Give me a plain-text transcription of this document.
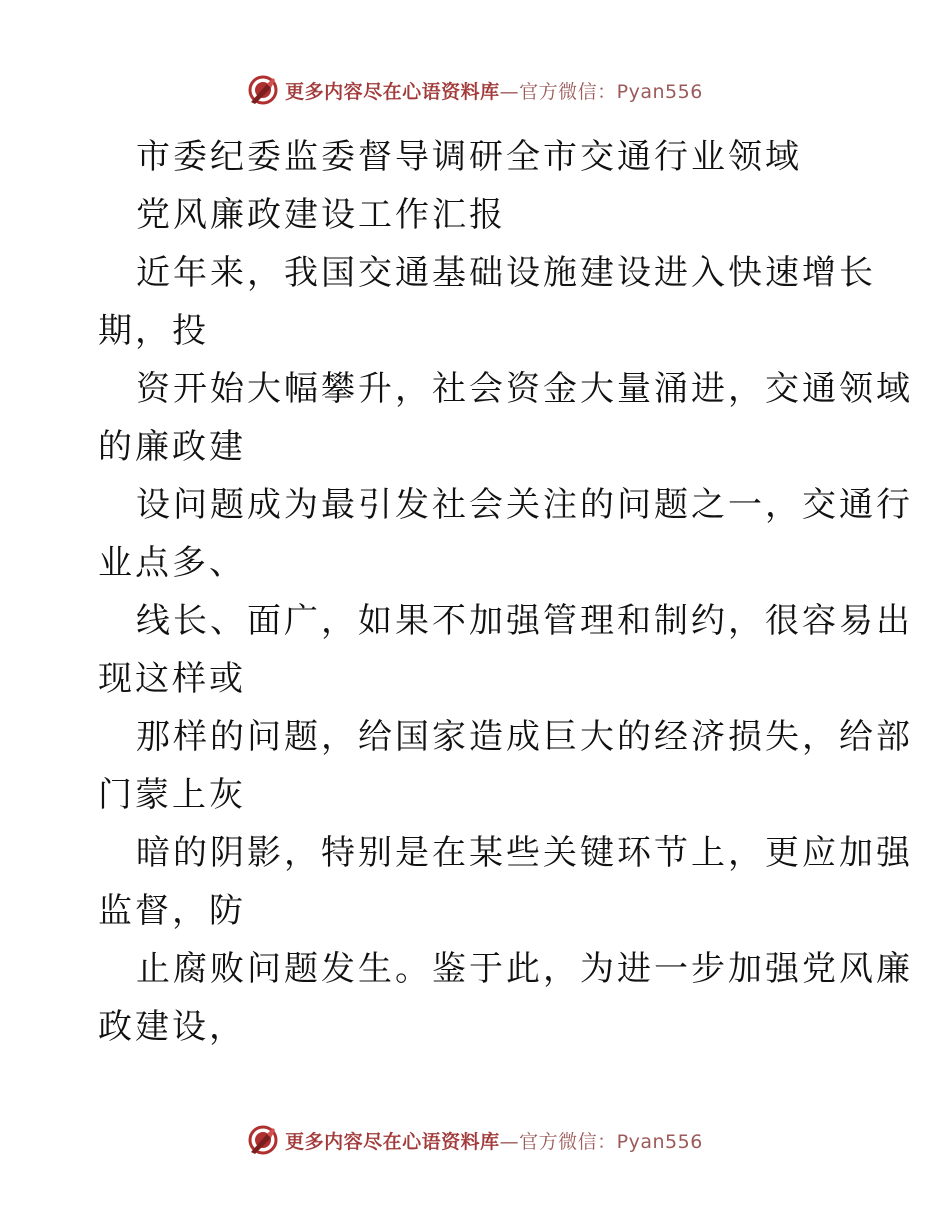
更多内容尽在心语资料库—官方微信：Pyan556
市委纪委监委督导调研全市交通行业领域
党风廉政建设工作汇报
近年来，我国交通基础设施建设进入快速增长
期，投
资开始大幅攀升，社会资金大量涌进，交通领域
的廉政建
设问题成为最引发社会关注的问题之一，交通行
业点多、
线长、面广，如果不加强管理和制约，很容易出
现这样或
那样的问题，给国家造成巨大的经济损失，给部
门蒙上灰
暗的阴影，特别是在某些关键环节上，更应加强
监督，防
止腐败问题发生。鉴于此，为进一步加强党风廉
政建设，
更多内容尽在心语资料库—官方微信：Pyan556
